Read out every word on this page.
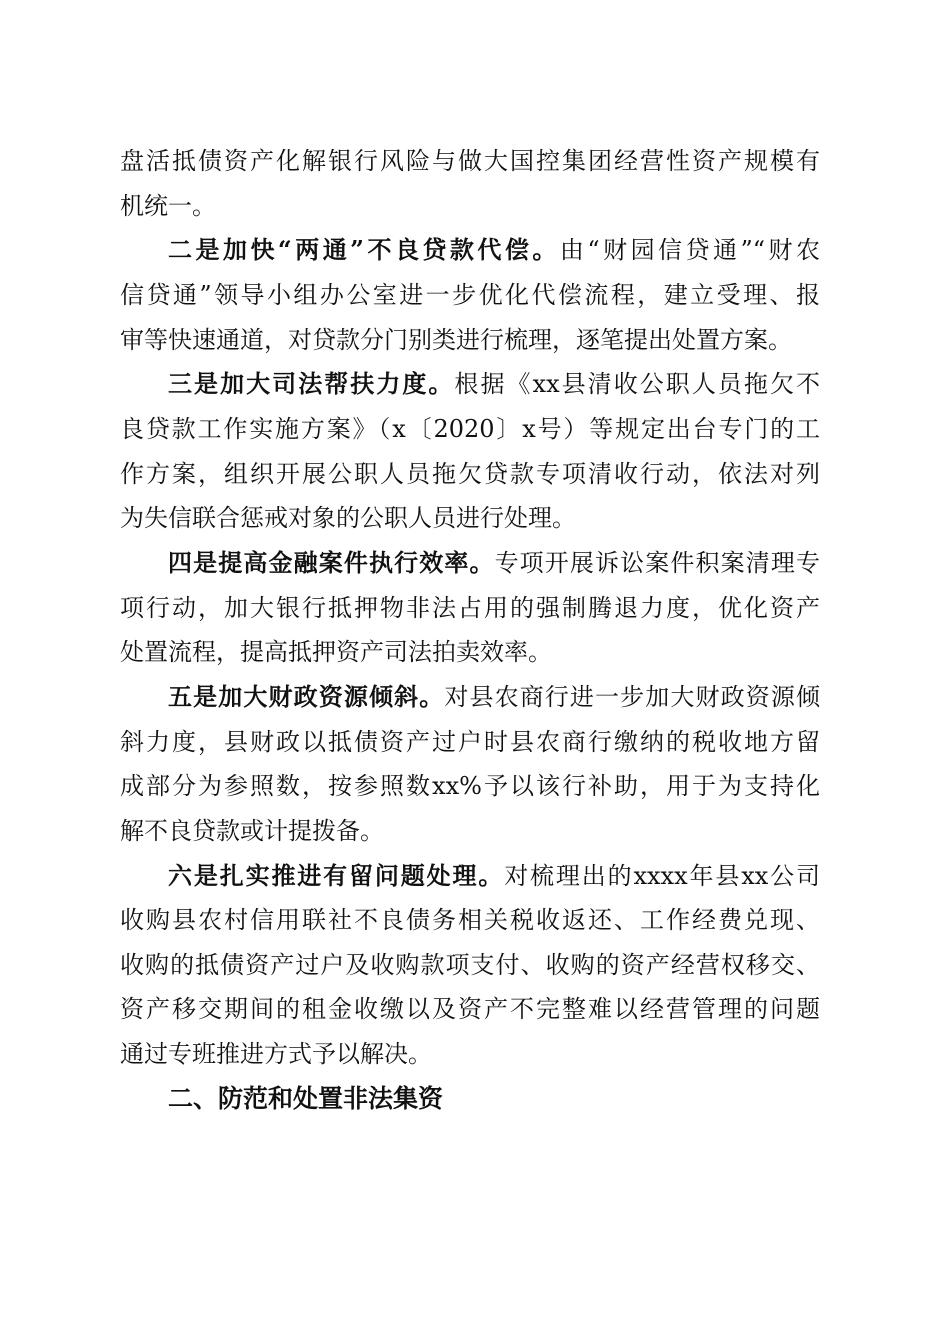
盘活抵债资产化解银行风险与做大国控集团经营性资产规模有
机统一。
二是加快“两通”不良贷款代偿。由“财园信贷通”“财农
信贷通”领导小组办公室进一步优化代偿流程，建立受理、报
审等快速通道，对贷款分门别类进行梳理，逐笔提出处置方案。
三是加大司法帮扶力度。根据《xx县清收公职人员拖欠不
良贷款工作实施方案》（x〔2020〕x号）等规定出台专门的工
作方案，组织开展公职人员拖欠贷款专项清收行动，依法对列
为失信联合惩戒对象的公职人员进行处理。
四是提高金融案件执行效率。专项开展诉讼案件积案清理专
项行动，加大银行抵押物非法占用的强制腾退力度，优化资产
处置流程，提高抵押资产司法拍卖效率。
五是加大财政资源倾斜。对县农商行进一步加大财政资源倾
斜力度，县财政以抵债资产过户时县农商行缴纳的税收地方留
成部分为参照数，按参照数xx%予以该行补助，用于为支持化
解不良贷款或计提拨备。
六是扎实推进有留问题处理。对梳理出的xxxx年县xx公司
收购县农村信用联社不良债务相关税收返还、工作经费兑现、
收购的抵债资产过户及收购款项支付、收购的资产经营权移交、
资产移交期间的租金收缴以及资产不完整难以经营管理的问题
通过专班推进方式予以解决。
二、防范和处置非法集资
